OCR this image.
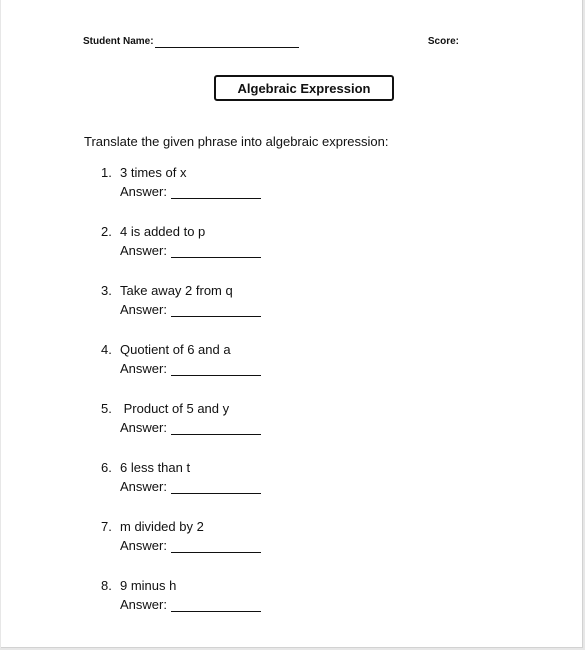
Student Name:	Score:
Algebraic Expression
Translate the given phrase into algebraic expression:
1. 3 times of x
Answer:
2. 4 is added to p
Answer:
3. Take away 2 from q
Answer:
4. Quotient of 6 and a
Answer:
5. Product of 5 and y
Answer:
6. 6 less than t
Answer:
7. m divided by 2
Answer:
8. 9 minus h
Answer:
